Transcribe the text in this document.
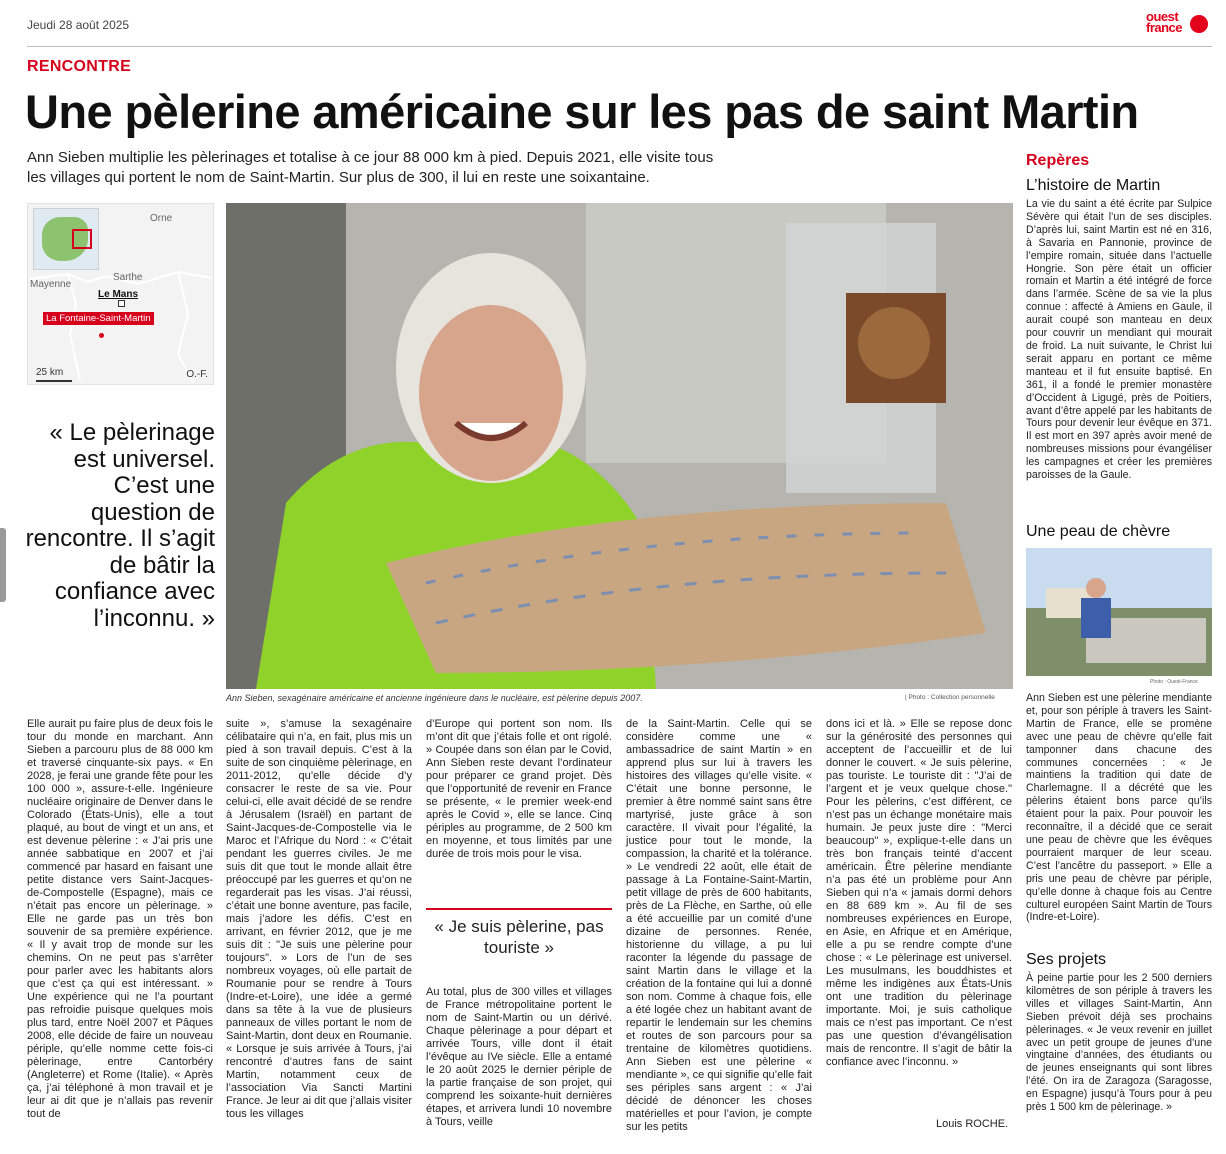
Jeudi 28 août 2025
ouest
france
RENCONTRE
Une pèlerine américaine sur les pas de saint Martin
Ann Sieben multiplie les pèlerinages et totalise à ce jour 88 000 km à pied. Depuis 2021, elle visite tous les villages qui portent le nom de Saint-Martin. Sur plus de 300, il lui en reste une soixantaine.
Orne
Mayenne
Sarthe
Le Mans
La Fontaine-Saint-Martin
25 km	O.-F.
« Le pèlerinage est universel. C’est une question de rencontre. Il s’agit de bâtir la confiance avec l’inconnu. »
Ann Sieben, sexagénaire américaine et ancienne ingénieure dans le nucléaire, est pèlerine depuis 2007.	| Photo : Collection personnelle
Repères
L’histoire de Martin
La vie du saint a été écrite par Sulpice Sévère qui était l’un de ses disciples. D’après lui, saint Martin est né en 316, à Savaria en Pannonie, province de l’empire romain, située dans l’actuelle Hongrie. Son père était un officier romain et Martin a été intégré de force dans l’armée. Scène de sa vie la plus connue : affecté à Amiens en Gaule, il aurait coupé son manteau en deux pour couvrir un mendiant qui mourait de froid. La nuit suivante, le Christ lui serait apparu en portant ce même manteau et il fut ensuite baptisé. En 361, il a fondé le premier monastère d’Occident à Ligugé, près de Poitiers, avant d’être appelé par les habitants de Tours pour devenir leur évêque en 371. Il est mort en 397 après avoir mené de nombreuses missions pour évangéliser les campagnes et créer les premières paroisses de la Gaule.
Une peau de chèvre
Photo : Ouest-France
Ann Sieben est une pèlerine mendiante et, pour son périple à travers les Saint-Martin de France, elle se promène avec une peau de chèvre qu’elle fait tamponner dans chacune des communes concernées : « Je maintiens la tradition qui date de Charlemagne. Il a décrété que les pèlerins étaient bons parce qu’ils étaient pour la paix. Pour pouvoir les reconnaître, il a décidé que ce serait une peau de chèvre que les évêques pourraient marquer de leur sceau. C’est l’ancêtre du passeport. » Elle a pris une peau de chèvre par périple, qu’elle donne à chaque fois au Centre culturel européen Saint Martin de Tours (Indre-et-Loire).
Ses projets
À peine partie pour les 2 500 derniers kilomètres de son périple à travers les villes et villages Saint-Martin, Ann Sieben prévoit déjà ses prochains pèlerinages. « Je veux revenir en juillet avec un petit groupe de jeunes d’une vingtaine d’années, des étudiants ou de jeunes enseignants qui sont libres l’été. On ira de Zaragoza (Saragosse, en Espagne) jusqu’à Tours pour à peu près 1 500 km de pèlerinage. »
Elle aurait pu faire plus de deux fois le tour du monde en marchant. Ann Sieben a parcouru plus de 88 000 km et traversé cinquante-six pays. « En 2028, je ferai une grande fête pour les 100 000 », assure-t-elle. Ingénieure nucléaire originaire de Denver dans le Colorado (États-Unis), elle a tout plaqué, au bout de vingt et un ans, et est devenue pèlerine : « J’ai pris une année sabbatique en 2007 et j’ai commencé par hasard en faisant une petite distance vers Saint-Jacques-de-Compostelle (Espagne), mais ce n’était pas encore un pèlerinage. » Elle ne garde pas un très bon souvenir de sa première expérience. « Il y avait trop de monde sur les chemins. On ne peut pas s’arrêter pour parler avec les habitants alors que c’est ça qui est intéressant. » Une expérience qui ne l’a pourtant pas refroidie puisque quelques mois plus tard, entre Noël 2007 et Pâques 2008, elle décide de faire un nouveau périple, qu’elle nomme cette fois-ci pèlerinage, entre Cantorbéry (Angleterre) et Rome (Italie). « Après ça, j’ai téléphoné à mon travail et je leur ai dit que je n’allais pas revenir tout de
suite », s’amuse la sexagénaire célibataire qui n’a, en fait, plus mis un pied à son travail depuis. C’est à la suite de son cinquième pèlerinage, en 2011-2012, qu’elle décide d’y consacrer le reste de sa vie. Pour celui-ci, elle avait décidé de se rendre à Jérusalem (Israël) en partant de Saint-Jacques-de-Compostelle via le Maroc et l’Afrique du Nord : « C’était pendant les guerres civiles. Je me suis dit que tout le monde allait être préoccupé par les guerres et qu’on ne regarderait pas les visas. J’ai réussi, c’était une bonne aventure, pas facile, mais j’adore les défis. C’est en arrivant, en février 2012, que je me suis dit : "Je suis une pèlerine pour toujours". » Lors de l’un de ses nombreux voyages, où elle partait de Roumanie pour se rendre à Tours (Indre-et-Loire), une idée a germé dans sa tête à la vue de plusieurs panneaux de villes portant le nom de Saint-Martin, dont deux en Roumanie. « Lorsque je suis arrivée à Tours, j’ai rencontré d’autres fans de saint Martin, notamment ceux de l’association Via Sancti Martini France. Je leur ai dit que j’allais visiter tous les villages
d’Europe qui portent son nom. Ils m’ont dit que j’étais folle et ont rigolé. » Coupée dans son élan par le Covid, Ann Sieben reste devant l’ordinateur pour préparer ce grand projet. Dès que l’opportunité de revenir en France se présente, « le premier week-end après le Covid », elle se lance. Cinq périples au programme, de 2 500 km en moyenne, et tous limités par une durée de trois mois pour le visa.
« Je suis pèlerine, pas touriste »
Au total, plus de 300 villes et villages de France métropolitaine portent le nom de Saint-Martin ou un dérivé. Chaque pèlerinage a pour départ et arrivée Tours, ville dont il était l’évêque au IVe siècle. Elle a entamé le 20 août 2025 le dernier périple de la partie française de son projet, qui comprend les soixante-huit dernières étapes, et arrivera lundi 10 novembre à Tours, veille
de la Saint-Martin. Celle qui se considère comme une « ambassadrice de saint Martin » en apprend plus sur lui à travers les histoires des villages qu’elle visite. « C’était une bonne personne, le premier à être nommé saint sans être martyrisé, juste grâce à son caractère. Il vivait pour l’égalité, la justice pour tout le monde, la compassion, la charité et la tolérance. » Le vendredi 22 août, elle était de passage à La Fontaine-Saint-Martin, petit village de près de 600 habitants, près de La Flèche, en Sarthe, où elle a été accueillie par un comité d’une dizaine de personnes. Renée, historienne du village, a pu lui raconter la légende du passage de saint Martin dans le village et la création de la fontaine qui lui a donné son nom. Comme à chaque fois, elle a été logée chez un habitant avant de repartir le lendemain sur les chemins et routes de son parcours pour sa trentaine de kilomètres quotidiens. Ann Sieben est une pèlerine « mendiante », ce qui signifie qu’elle fait ses périples sans argent : « J’ai décidé de dénoncer les choses matérielles et pour l’avion, je compte sur les petits
dons ici et là. » Elle se repose donc sur la générosité des personnes qui acceptent de l’accueillir et de lui donner le couvert. « Je suis pèlerine, pas touriste. Le touriste dit : "J’ai de l’argent et je veux quelque chose." Pour les pèlerins, c’est différent, ce n’est pas un échange monétaire mais humain. Je peux juste dire : "Merci beaucoup" », explique-t-elle dans un très bon français teinté d’accent américain. Être pèlerine mendiante n’a pas été un problème pour Ann Sieben qui n’a « jamais dormi dehors en 88 689 km ». Au fil de ses nombreuses expériences en Europe, en Asie, en Afrique et en Amérique, elle a pu se rendre compte d’une chose : « Le pèlerinage est universel. Les musulmans, les bouddhistes et même les indigènes aux États-Unis ont une tradition du pèlerinage importante. Moi, je suis catholique mais ce n’est pas important. Ce n’est pas une question d’évangélisation mais de rencontre. Il s’agit de bâtir la confiance avec l’inconnu. »
Louis ROCHE.
